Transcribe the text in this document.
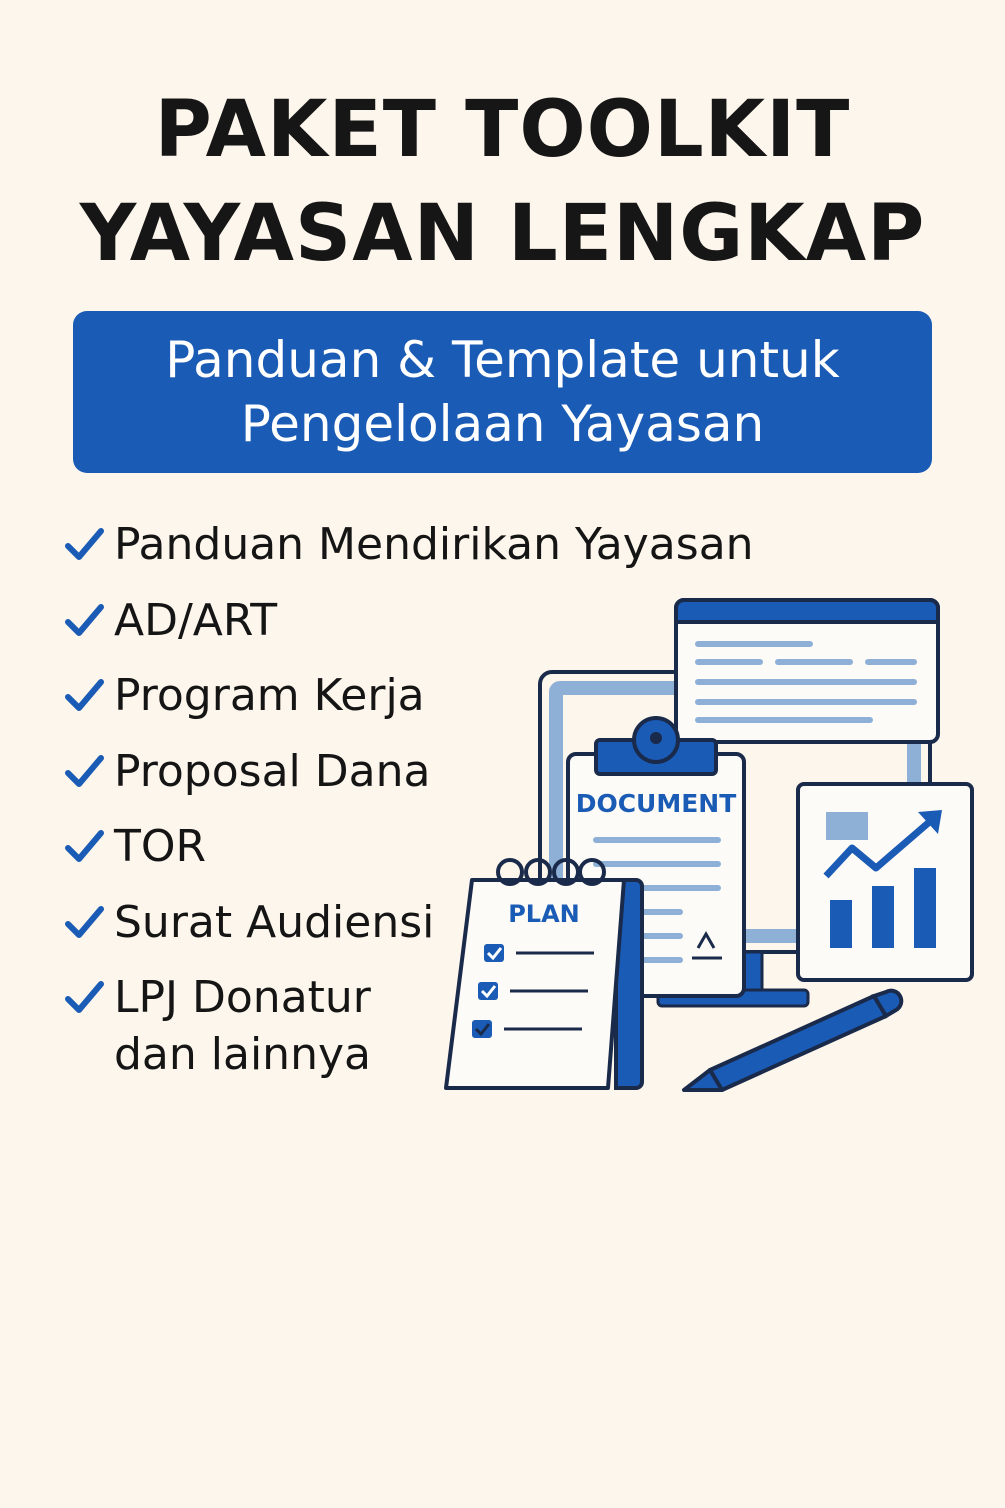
PAKET TOOLKIT
YAYASAN LENGKAP
Panduan & Template untuk
Pengelolaan Yayasan
Panduan Mendirikan Yayasan
AD/ART
Program Kerja
Proposal Dana
TOR
Surat Audiensi
LPJ Donatur
dan lainnya
DOCUMENT
PLAN
